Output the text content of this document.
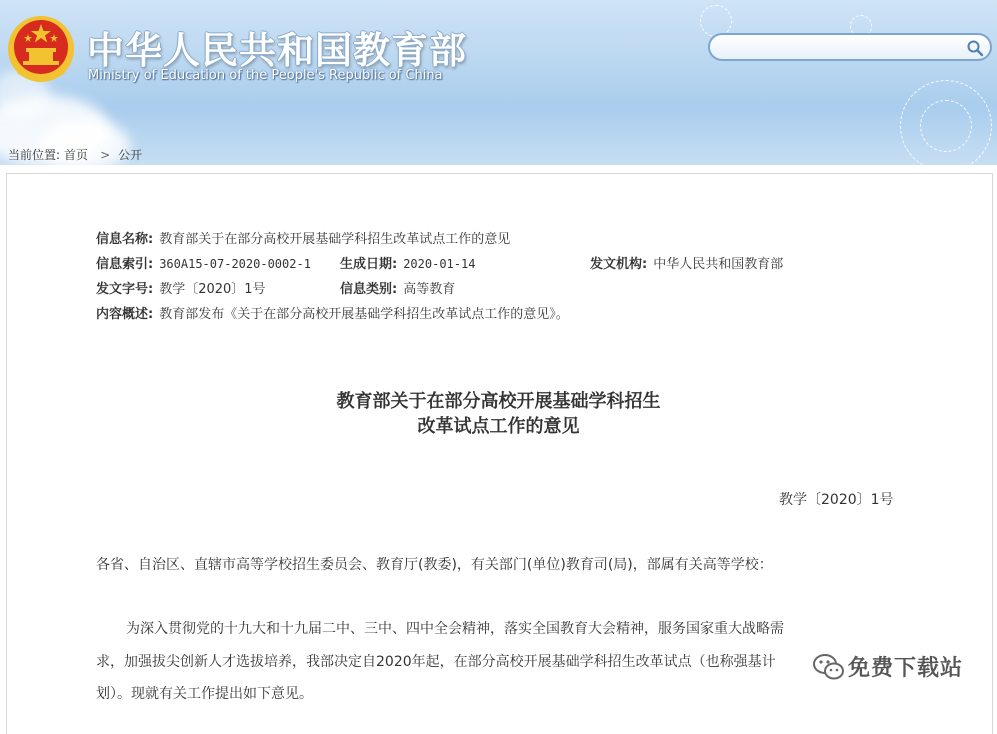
中华人民共和国教育部
Ministry of Education of the People's Republic of China
当前位置: 首页 > 公开
信息名称: 教育部关于在部分高校开展基础学科招生改革试点工作的意见
信息索引: 360A15-07-2020-0002-1 生成日期: 2020-01-14	发文机构: 中华人民共和国教育部
发文字号: 教学〔2020〕1号	信息类别: 高等教育
内容概述: 教育部发布《关于在部分高校开展基础学科招生改革试点工作的意见》。
教育部关于在部分高校开展基础学科招生
改革试点工作的意见
教学〔2020〕1号
各省、自治区、直辖市高等学校招生委员会、教育厅(教委)，有关部门(单位)教育司(局)，部属有关高等学校：
为深入贯彻党的十九大和十九届二中、三中、四中全会精神，落实全国教育大会精神，服务国家重大战略需
求，加强拔尖创新人才选拔培养，我部决定自2020年起，在部分高校开展基础学科招生改革试点（也称强基计
划）。现就有关工作提出如下意见。
免费下载站
